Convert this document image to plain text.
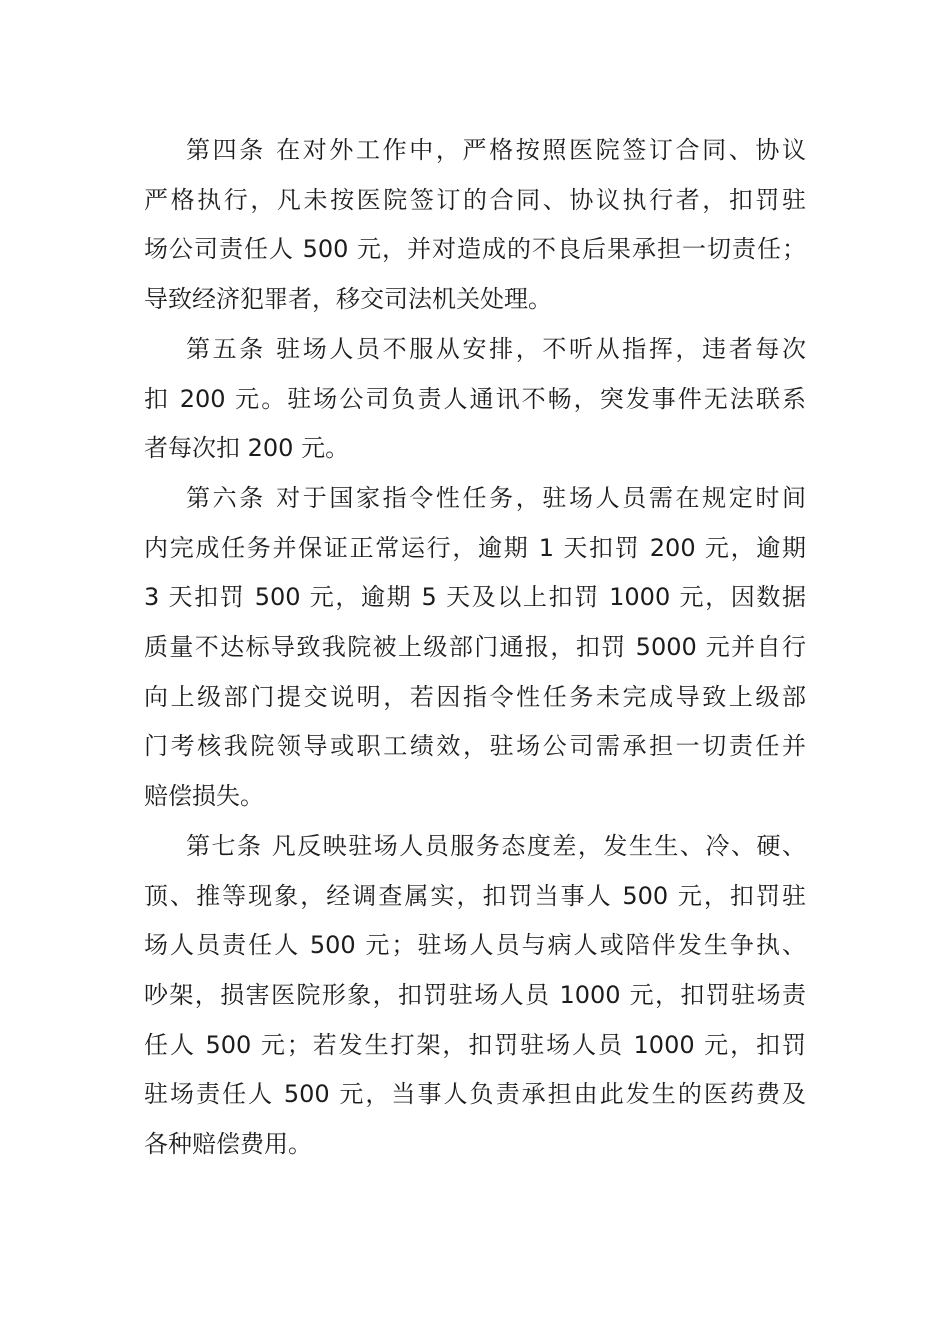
第四条 在对外工作中，严格按照医院签订合同、协议
严格执行，凡未按医院签订的合同、协议执行者，扣罚驻
场公司责任人 500 元，并对造成的不良后果承担一切责任；
导致经济犯罪者，移交司法机关处理。
第五条 驻场人员不服从安排，不听从指挥，违者每次
扣 200 元。驻场公司负责人通讯不畅，突发事件无法联系
者每次扣 200 元。
第六条 对于国家指令性任务，驻场人员需在规定时间
内完成任务并保证正常运行，逾期 1 天扣罚 200 元，逾期
3 天扣罚 500 元，逾期 5 天及以上扣罚 1000 元，因数据
质量不达标导致我院被上级部门通报，扣罚 5000 元并自行
向上级部门提交说明，若因指令性任务未完成导致上级部
门考核我院领导或职工绩效，驻场公司需承担一切责任并
赔偿损失。
第七条 凡反映驻场人员服务态度差，发生生、冷、硬、
顶、推等现象，经调查属实，扣罚当事人 500 元，扣罚驻
场人员责任人 500 元；驻场人员与病人或陪伴发生争执、
吵架，损害医院形象，扣罚驻场人员 1000 元，扣罚驻场责
任人 500 元；若发生打架，扣罚驻场人员 1000 元，扣罚
驻场责任人 500 元，当事人负责承担由此发生的医药费及
各种赔偿费用。
